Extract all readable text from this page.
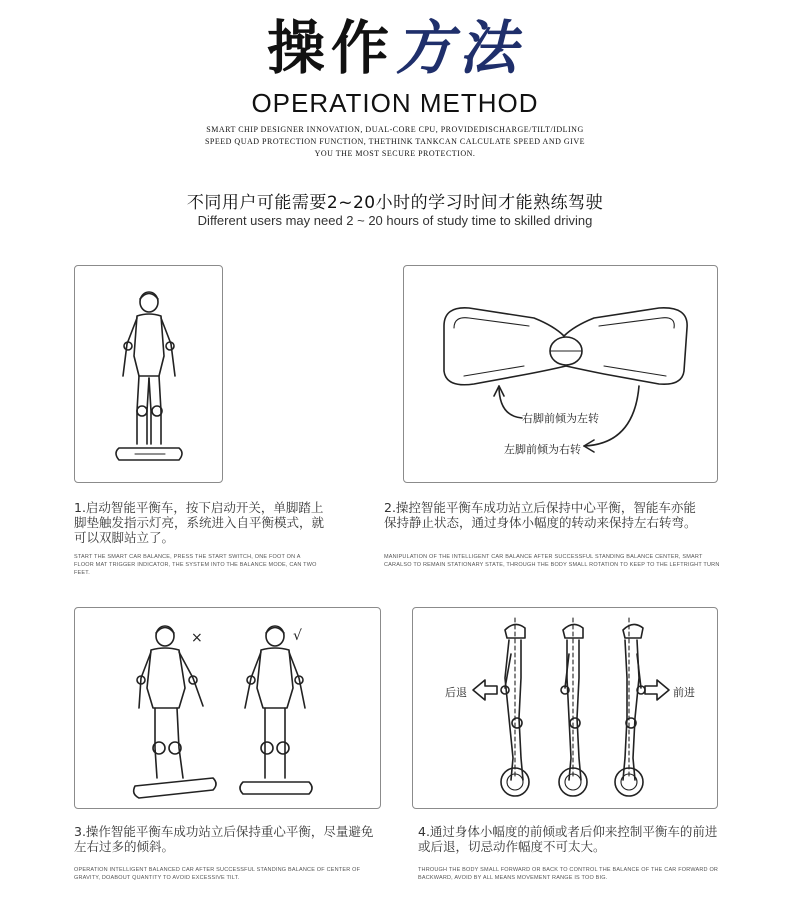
操作方法
OPERATION METHOD
SMART CHIP DESIGNER INNOVATION, DUAL-CORE CPU, PROVIDEDISCHARGE/TILT/IDLING SPEED QUAD PROTECTION FUNCTION, THETHINK TANKCAN CALCULATE SPEED AND GIVE YOU THE MOST SECURE PROTECTION.
不同用户可能需要2~20小时的学习时间才能熟练驾驶
Different users may need 2 ~ 20 hours of study time to skilled driving
右脚前倾为左转
左脚前倾为右转
1.启动智能平衡车，按下启动开关，单脚踏上脚垫触发指示灯亮，系统进入自平衡模式，就可以双脚站立了。
START THE SMART CAR BALANCE, PRESS THE START SWITCH, ONE FOOT ON A FLOOR MAT TRIGGER INDICATOR, THE SYSTEM INTO THE BALANCE MODE, CAN TWO FEET.
2.操控智能平衡车成功站立后保持中心平衡，智能车亦能保持静止状态，通过身体小幅度的转动来保持左右转弯。
MANIPULATION OF THE INTELLIGENT CAR BALANCE AFTER SUCCESSFUL STANDING BALANCE CENTER, SMART CARALSO TO REMAIN STATIONARY STATE, THROUGH THE BODY SMALL ROTATION TO KEEP TO THE LEFTRIGHT TURN
×	√
后退	前进
3.操作智能平衡车成功站立后保持重心平衡，尽量避免左右过多的倾斜。
OPERATION INTELLIGENT BALANCED CAR AFTER SUCCESSFUL STANDING BALANCE OF CENTER OF GRAVITY, DOABOUT QUANTITY TO AVOID EXCESSIVE TILT.
4.通过身体小幅度的前倾或者后仰来控制平衡车的前进或后退，切忌动作幅度不可太大。
THROUGH THE BODY SMALL FORWARD OR BACK TO CONTROL THE BALANCE OF THE CAR FORWARD OR BACKWARD, AVOID BY ALL MEANS MOVEMENT RANGE IS TOO BIG.
